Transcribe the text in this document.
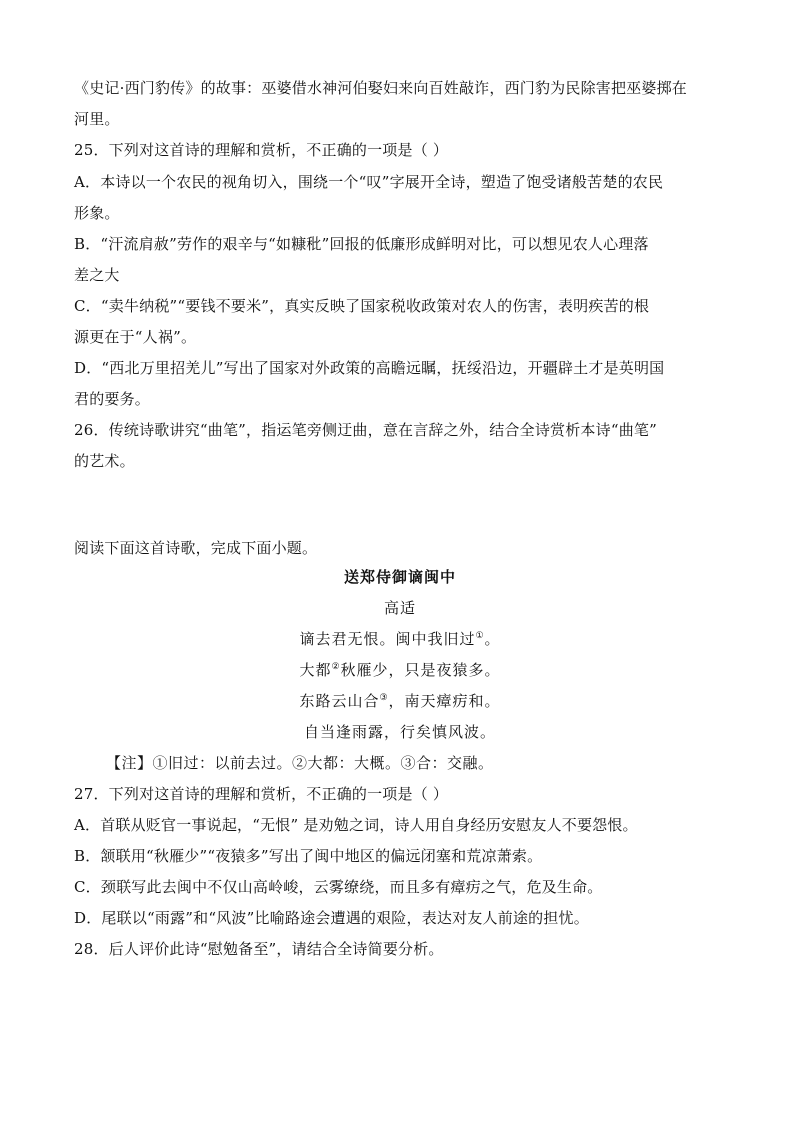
《史记·西门豹传》的故事：巫婆借水神河伯娶妇来向百姓敲诈，西门豹为民除害把巫婆掷在
河里。
25．下列对这首诗的理解和赏析，不正确的一项是（ ）
A．本诗以一个农民的视角切入，围绕一个“叹”字展开全诗，塑造了饱受诸般苦楚的农民
形象。
B．“汗流肩赦”劳作的艰辛与“如糠秕”回报的低廉形成鲜明对比，可以想见农人心理落
差之大
C．“卖牛纳税”“要钱不要米”，真实反映了国家税收政策对农人的伤害，表明疾苦的根
源更在于“人祸”。
D．“西北万里招羌儿”写出了国家对外政策的高瞻远瞩，抚绥沿边，开疆辟土才是英明国
君的要务。
26．传统诗歌讲究“曲笔”，指运笔旁侧迂曲，意在言辞之外，结合全诗赏析本诗“曲笔”
的艺术。
阅读下面这首诗歌，完成下面小题。
送郑侍御谪闽中
高适
谪去君无恨。闽中我旧过①。
大都②秋雁少，只是夜猿多。
东路云山合③，南天瘴疠和。
自当逢雨露，行矣慎风波。
【注】①旧过：以前去过。②大都：大概。③合：交融。
27．下列对这首诗的理解和赏析，不正确的一项是（ ）
A．首联从贬官一事说起，“无恨” 是劝勉之词，诗人用自身经历安慰友人不要怨恨。
B．颔联用“秋雁少”“夜猿多”写出了闽中地区的偏远闭塞和荒凉萧索。
C．颈联写此去闽中不仅山高岭峻，云雾缭绕，而且多有瘴疠之气，危及生命。
D．尾联以“雨露”和“风波”比喻路途会遭遇的艰险，表达对友人前途的担忧。
28．后人评价此诗“慰勉备至”，请结合全诗简要分析。
